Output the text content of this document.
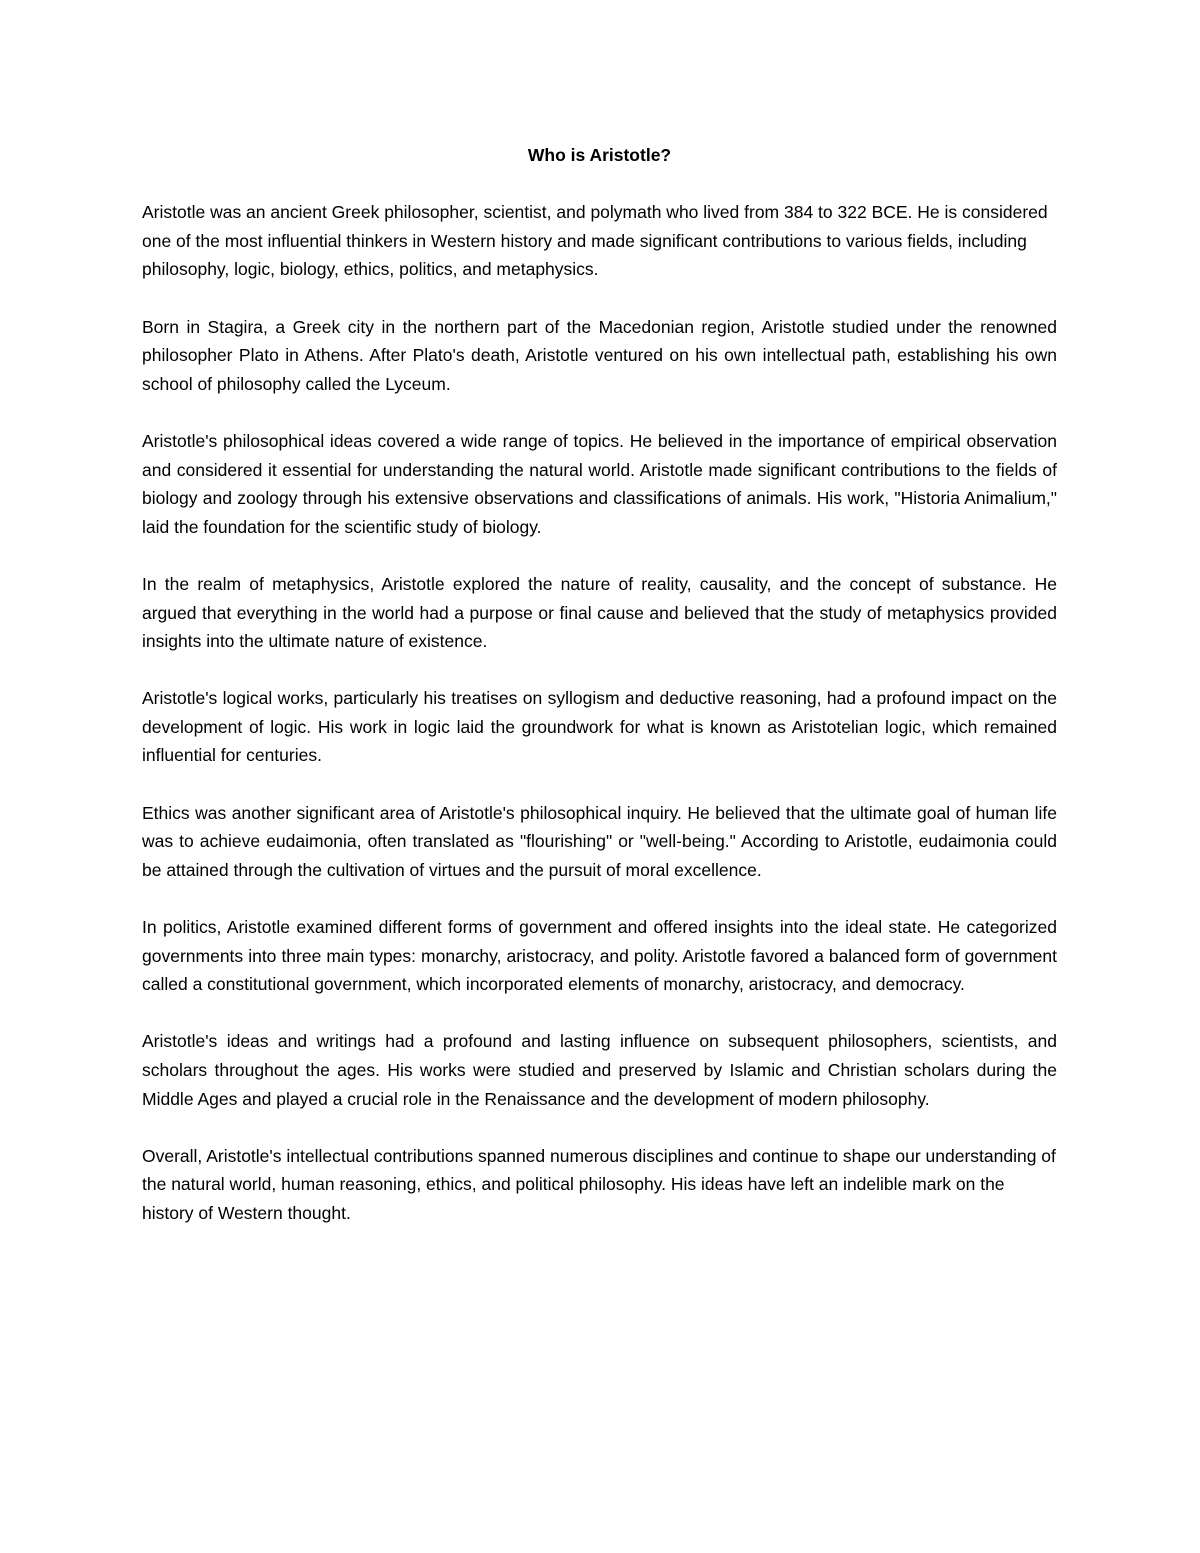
Who is Aristotle?

Aristotle was an ancient Greek philosopher, scientist, and polymath who lived from 384 to 322 BCE. He is considered one of the most influential thinkers in Western history and made significant contributions to various fields, including philosophy, logic, biology, ethics, politics, and metaphysics.

Born in Stagira, a Greek city in the northern part of the Macedonian region, Aristotle studied under the renowned philosopher Plato in Athens. After Plato's death, Aristotle ventured on his own intellectual path, establishing his own school of philosophy called the Lyceum.

Aristotle's philosophical ideas covered a wide range of topics. He believed in the importance of empirical observation and considered it essential for understanding the natural world. Aristotle made significant contributions to the fields of biology and zoology through his extensive observations and classifications of animals. His work, "Historia Animalium," laid the foundation for the scientific study of biology.

In the realm of metaphysics, Aristotle explored the nature of reality, causality, and the concept of substance. He argued that everything in the world had a purpose or final cause and believed that the study of metaphysics provided insights into the ultimate nature of existence.

Aristotle's logical works, particularly his treatises on syllogism and deductive reasoning, had a profound impact on the development of logic. His work in logic laid the groundwork for what is known as Aristotelian logic, which remained influential for centuries.

Ethics was another significant area of Aristotle's philosophical inquiry. He believed that the ultimate goal of human life was to achieve eudaimonia, often translated as "flourishing" or "well-being." According to Aristotle, eudaimonia could be attained through the cultivation of virtues and the pursuit of moral excellence.

In politics, Aristotle examined different forms of government and offered insights into the ideal state. He categorized governments into three main types: monarchy, aristocracy, and polity. Aristotle favored a balanced form of government called a constitutional government, which incorporated elements of monarchy, aristocracy, and democracy.

Aristotle's ideas and writings had a profound and lasting influence on subsequent philosophers, scientists, and scholars throughout the ages. His works were studied and preserved by Islamic and Christian scholars during the Middle Ages and played a crucial role in the Renaissance and the development of modern philosophy.

Overall, Aristotle's intellectual contributions spanned numerous disciplines and continue to shape our understanding of the natural world, human reasoning, ethics, and political philosophy. His ideas have left an indelible mark on the history of Western thought.
